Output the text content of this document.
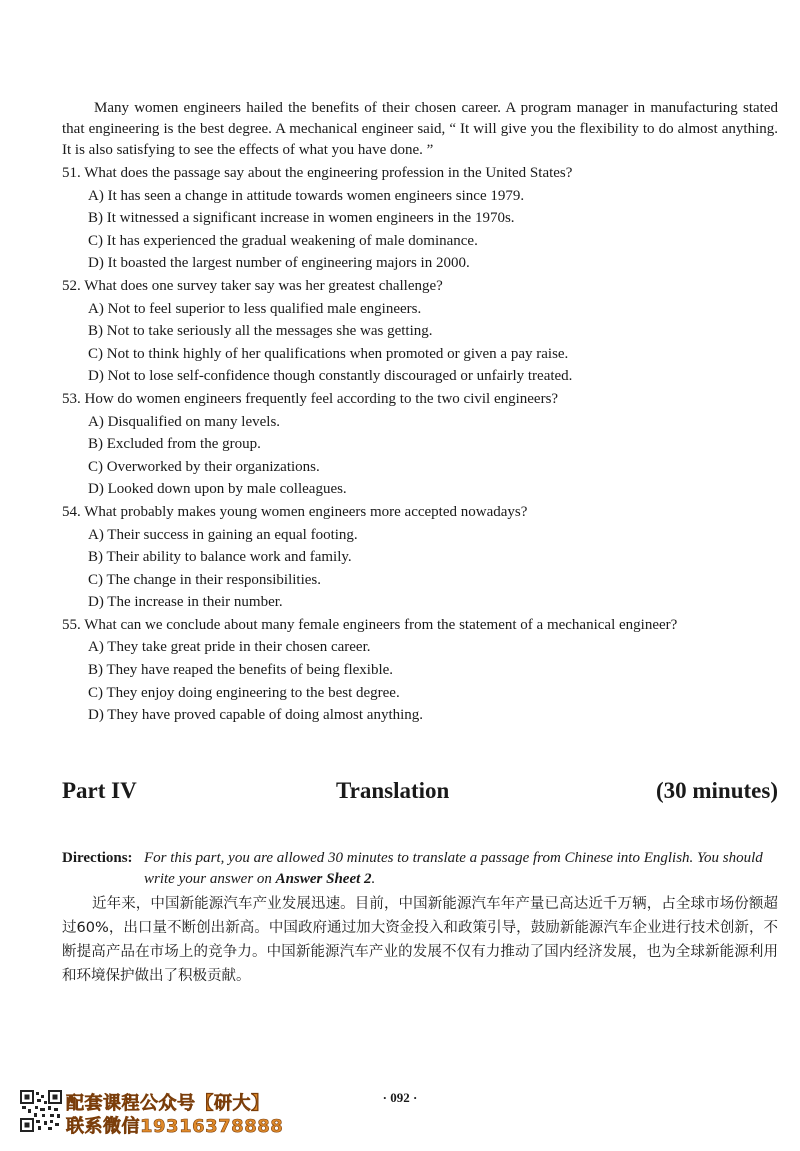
Many women engineers hailed the benefits of their chosen career. A program manager in manufacturing stated that engineering is the best degree. A mechanical engineer said, “ It will give you the flexibility to do almost anything. It is also satisfying to see the effects of what you have done. ”

51. What does the passage say about the engineering profession in the United States?
A) It has seen a change in attitude towards women engineers since 1979.
B) It witnessed a significant increase in women engineers in the 1970s.
C) It has experienced the gradual weakening of male dominance.
D) It boasted the largest number of engineering majors in 2000.
52. What does one survey taker say was her greatest challenge?
A) Not to feel superior to less qualified male engineers.
B) Not to take seriously all the messages she was getting.
C) Not to think highly of her qualifications when promoted or given a pay raise.
D) Not to lose self-confidence though constantly discouraged or unfairly treated.
53. How do women engineers frequently feel according to the two civil engineers?
A) Disqualified on many levels.
B) Excluded from the group.
C) Overworked by their organizations.
D) Looked down upon by male colleagues.
54. What probably makes young women engineers more accepted nowadays?
A) Their success in gaining an equal footing.
B) Their ability to balance work and family.
C) The change in their responsibilities.
D) The increase in their number.
55. What can we conclude about many female engineers from the statement of a mechanical engineer?
A) They take great pride in their chosen career.
B) They have reaped the benefits of being flexible.
C) They enjoy doing engineering to the best degree.
D) They have proved capable of doing almost anything.
Part IV	Translation	(30 minutes)
Directions: For this part, you are allowed 30 minutes to translate a passage from Chinese into English. You should write your answer on Answer Sheet 2.

近年来，中国新能源汽车产业发展迅速。目前，中国新能源汽车年产量已高达近千万辆，占全球市场份额超过60%，出口量不断创出新高。中国政府通过加大资金投入和政策引导，鼓励新能源汽车企业进行技术创新，不断提高产品在市场上的竞争力。中国新能源汽车产业的发展不仅有力推动了国内经济发展，也为全球新能源利用和环境保护做出了积极贡献。

配套课程公众号【研大】
联系微信19316378888
· 092 ·
